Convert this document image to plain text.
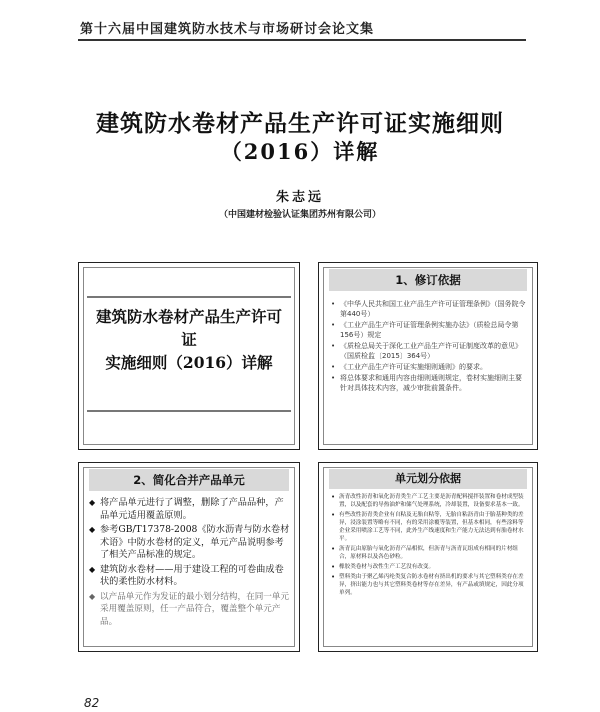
第十六届中国建筑防水技术与市场研讨会论文集
建筑防水卷材产品生产许可证实施细则
（2016）详解
朱志远
（中国建材检验认证集团苏州有限公司）
建筑防水卷材产品生产许可证
实施细则（2016）详解
1、修订依据
• 《中华人民共和国工业产品生产许可证管理条例》（国务院令第440号）
• 《工业产品生产许可证管理条例实施办法》（质检总局令第156号）规定
• 《质检总局关于深化工业产品生产许可证制度改革的意见》（国质检监〔2015〕364号）
• 《工业产品生产许可证实施细则通则》的要求。
• 将总体要求和通用内容由细则通则规定，卷材实施细则主要针对具体技术内容，减少审批前置条件。
2、简化合并产品单元
◆ 将产品单元进行了调整，删除了产品品种，产品单元适用覆盖原则。
◆ 参考GB/T17378-2008《防水沥青与防水卷材术语》中防水卷材的定义，单元产品说明参考了相关产品标准的规定。
◆ 建筑防水卷材——用于建设工程的可卷曲成卷状的柔性防水材料。
◆ 以产品单元作为发证的最小划分结构，在同一单元采用覆盖原则，任一产品符合，覆盖整个单元产品。
单元划分依据
• 沥青改性沥青和氧化沥青类生产工艺主要是沥青配料搅拌装置和卷材成型装置，以及配套的导热油炉和储气处理系统，冷却装置，设备要求基本一致。
• 有些改性沥青类企业有自粘及无胎自粘等，无胎自粘沥青由于胎基种类的差异，浸涂装置等略有不同，有的采用涂覆等装置，但基本相同，有些涂料等企业采用喷涂工艺等不同，此外生产线速度和生产能力无法达到有胎卷材水平。
• 沥青瓦由原胎与氧化沥青产品相似，但沥青与沥青瓦组成有相同的片材组合，原材料以及各色砂粒。
• 橡胶类卷材与改性生产工艺没有改变。
• 塑料类由于聚乙烯丙纶类复合防水卷材有挤出机的要求与其它塑料类存在差异，挤出能力也与其它塑料类卷材等存在差异，有产品或填规定，因此分项单列。
82
